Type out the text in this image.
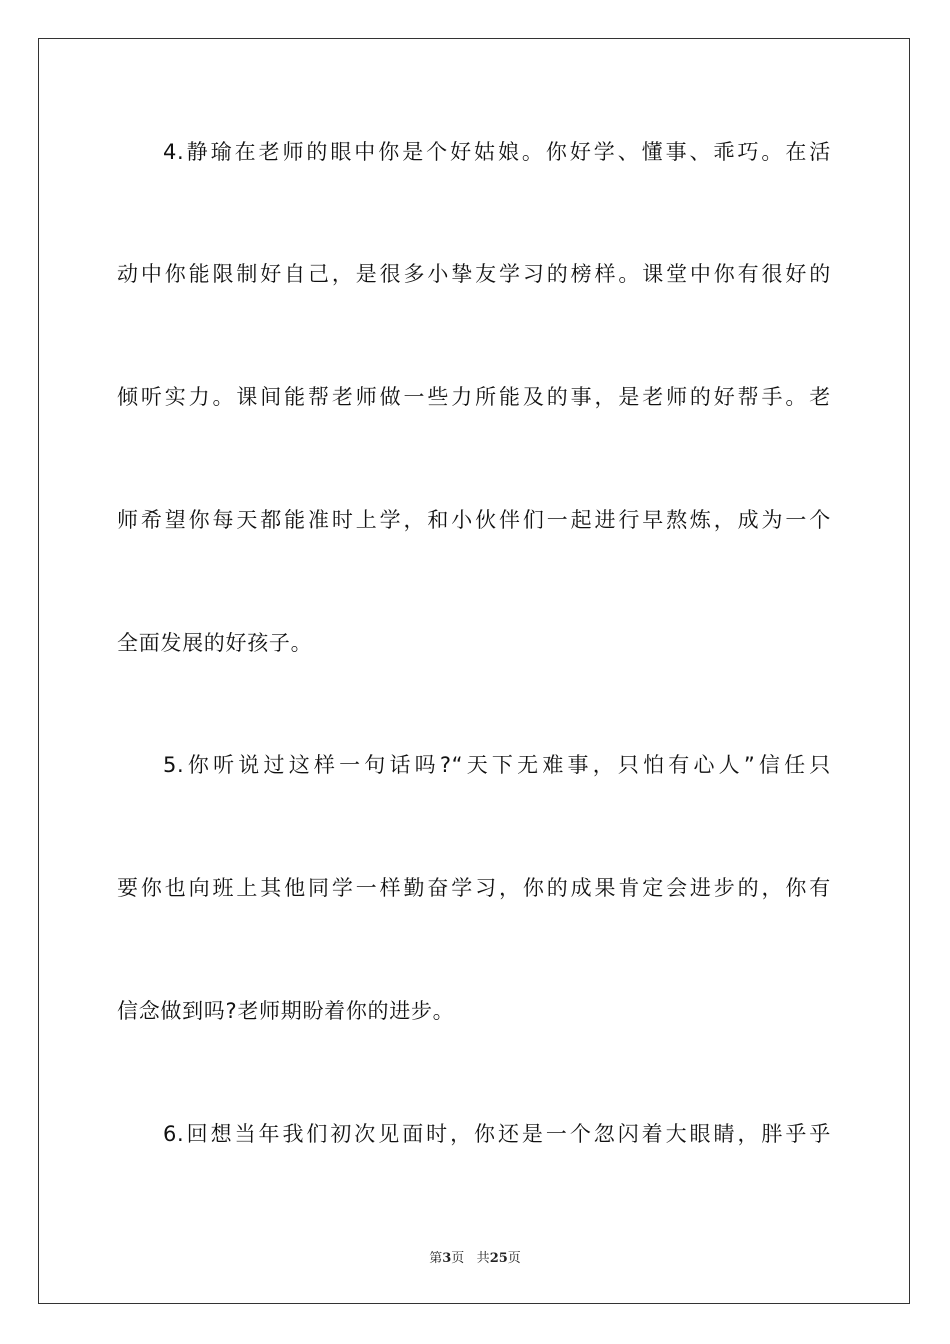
4.静瑜在老师的眼中你是个好姑娘。你好学、懂事、乖巧。在活
动中你能限制好自己，是很多小挚友学习的榜样。课堂中你有很好的
倾听实力。课间能帮老师做一些力所能及的事，是老师的好帮手。老
师希望你每天都能准时上学，和小伙伴们一起进行早熬炼，成为一个
全面发展的好孩子。
5.你听说过这样一句话吗?“天下无难事，只怕有心人”信任只
要你也向班上其他同学一样勤奋学习，你的成果肯定会进步的，你有
信念做到吗?老师期盼着你的进步。
6.回想当年我们初次见面时，你还是一个忽闪着大眼睛，胖乎乎
第3页 共25页
